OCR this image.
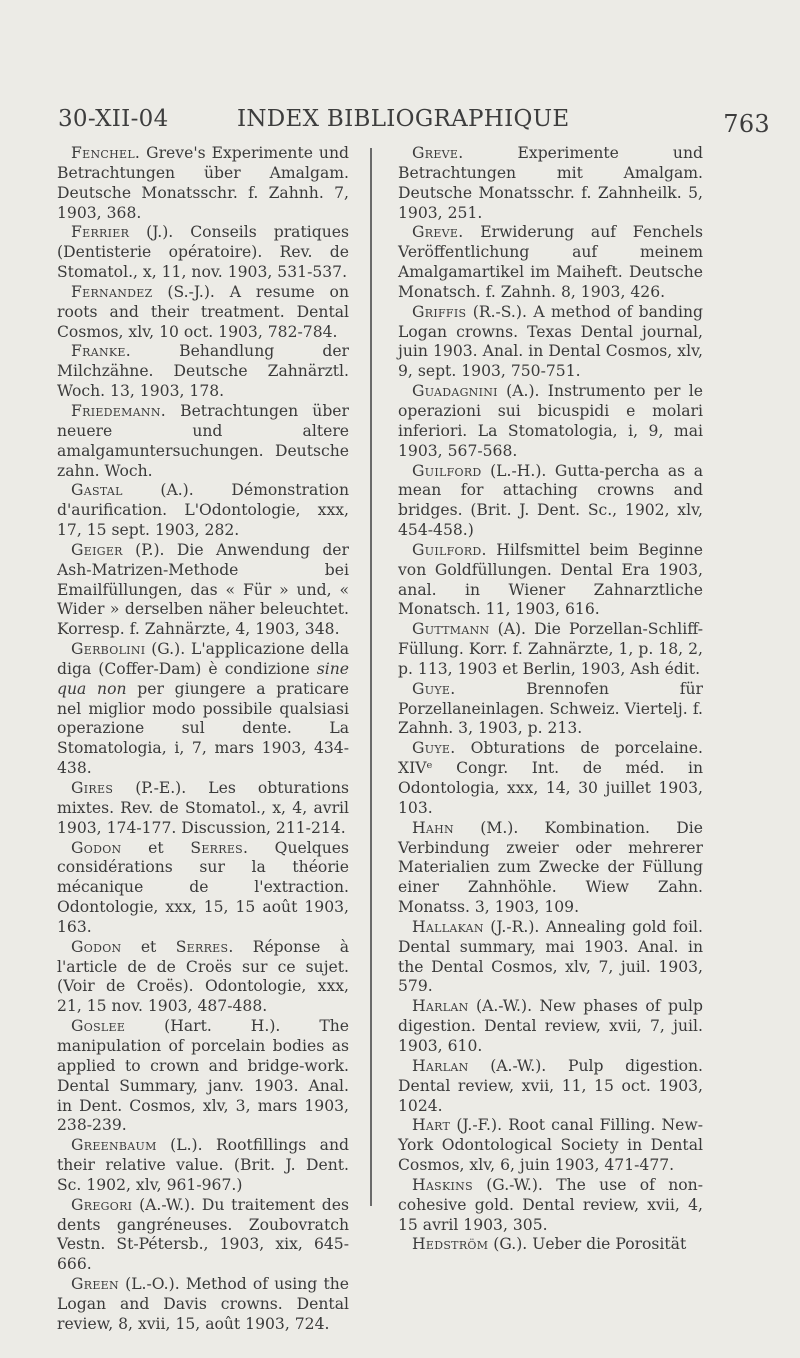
30-XII-04	INDEX BIBLIOGRAPHIQUE	763

Fenchel. Greve's Experimente und Betrachtungen über Amalgam. Deutsche Monatsschr. f. Zahnh. 7, 1903, 368.

Ferrier (J.). Conseils pratiques (Dentisterie opératoire). Rev. de Stomatol., x, 11, nov. 1903, 531-537.

Fernandez (S.-J.). A resume on roots and their treatment. Dental Cosmos, xlv, 10 oct. 1903, 782-784.

Franke. Behandlung der Milchzähne. Deutsche Zahnärztl. Woch. 13, 1903, 178.

Friedemann. Betrachtungen über neuere und altere amalgamuntersuchungen. Deutsche zahn. Woch.

Gastal (A.). Démonstration d'aurification. L'Odontologie, xxx, 17, 15 sept. 1903, 282.

Geiger (P.). Die Anwendung der Ash-Matrizen-Methode bei Emailfüllungen, das « Für » und, « Wider » derselben näher beleuchtet. Korresp. f. Zahnärzte, 4, 1903, 348.

Gerbolini (G.). L'applicazione della diga (Coffer-Dam) è condizione sine qua non per giungere a praticare nel miglior modo possibile qualsiasi operazione sul dente. La Stomatologia, i, 7, mars 1903, 434-438.

Gires (P.-E.). Les obturations mixtes. Rev. de Stomatol., x, 4, avril 1903, 174-177. Discussion, 211-214.

Godon et Serres. Quelques considérations sur la théorie mécanique de l'extraction. Odontologie, xxx, 15, 15 août 1903, 163.

Godon et Serres. Réponse à l'article de de Croës sur ce sujet. (Voir de Croës). Odontologie, xxx, 21, 15 nov. 1903, 487-488.

Goslee (Hart. H.). The manipulation of porcelain bodies as applied to crown and bridge-work. Dental Summary, janv. 1903. Anal. in Dent. Cosmos, xlv, 3, mars 1903, 238-239.

Greenbaum (L.). Rootfillings and their relative value. (Brit. J. Dent. Sc. 1902, xlv, 961-967.)

Gregori (A.-W.). Du traitement des dents gangréneuses. Zoubovratch Vestn. St-Pétersb., 1903, xix, 645-666.

Green (L.-O.). Method of using the Logan and Davis crowns. Dental review, 8, xvii, 15, août 1903, 724.

Greve. Experimente und Betrachtungen mit Amalgam. Deutsche Monatsschr. f. Zahnheilk. 5, 1903, 251.

Greve. Erwiderung auf Fenchels Veröffentlichung auf meinem Amalgamartikel im Maiheft. Deutsche Monatsch. f. Zahnh. 8, 1903, 426.

Griffis (R.-S.). A method of banding Logan crowns. Texas Dental journal, juin 1903. Anal. in Dental Cosmos, xlv, 9, sept. 1903, 750-751.

Guadagnini (A.). Instrumento per le operazioni sui bicuspidi e molari inferiori. La Stomatologia, i, 9, mai 1903, 567-568.

Guilford (L.-H.). Gutta-percha as a mean for attaching crowns and bridges. (Brit. J. Dent. Sc., 1902, xlv, 454-458.)

Guilford. Hilfsmittel beim Beginne von Goldfüllungen. Dental Era 1903, anal. in Wiener Zahnarztliche Monatsch. 11, 1903, 616.

Guttmann (A). Die Porzellan-Schliff-Füllung. Korr. f. Zahnärzte, 1, p. 18, 2, p. 113, 1903 et Berlin, 1903, Ash édit.

Guye. Brennofen für Porzellaneinlagen. Schweiz. Viertelj. f. Zahnh. 3, 1903, p. 213.

Guye. Obturations de porcelaine. XIVᵉ Congr. Int. de méd. in Odontologia, xxx, 14, 30 juillet 1903, 103.

Hahn (M.). Kombination. Die Verbindung zweier oder mehrerer Materialien zum Zwecke der Füllung einer Zahnhöhle. Wiew Zahn. Monatss. 3, 1903, 109.

Hallakan (J.-R.). Annealing gold foil. Dental summary, mai 1903. Anal. in the Dental Cosmos, xlv, 7, juil. 1903, 579.

Harlan (A.-W.). New phases of pulp digestion. Dental review, xvii, 7, juil. 1903, 610.

Harlan (A.-W.). Pulp digestion. Dental review, xvii, 11, 15 oct. 1903, 1024.

Hart (J.-F.). Root canal Filling. New-York Odontological Society in Dental Cosmos, xlv, 6, juin 1903, 471-477.

Haskins (G.-W.). The use of non-cohesive gold. Dental review, xvii, 4, 15 avril 1903, 305.

Hedström (G.). Ueber die Porosität
